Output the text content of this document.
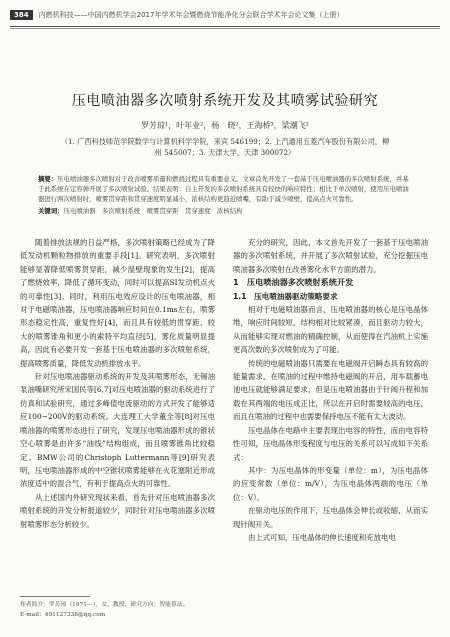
384	内燃机科技——中国内燃机学会2017年学术年会暨燃烧节能净化分会联合学术年会论文集（上册）
压电喷油器多次喷射系统开发及其喷雾试验研究
罗芳琼¹，叶年业²，杨　晓²，王海桥³，梁潮飞²
（1. 广西科技师范学院数学与计算机科学学院，来宾 546199；2. 上汽通用五菱汽车股份有限公司，柳州 545007；3. 天津大学，天津 300072）
摘要：压电喷油器多次喷射对于改善喷雾质量和燃烧过程具有重要意义。文章首先开发了一套基于压电喷油器的多次喷射系统，并基于此系统在定容弹开展了多次喷射试验。结果表明：自主开发的多次喷射系统具有较快的响应特性；相比于单次喷射，使用压电喷油器进行两次喷射时，喷雾贯穿距和贯穿速度明显减小，浓核结构更趋近喷嘴，有助于减少喷壁，提高点火可靠性。
关键词：压电喷油器　多次喷射系统　喷雾贯穿距　贯穿速度　浓核结构

随着排放法规的日益严格，多次喷射策略已经成为了降低发动机颗粒物排放的重要手段[1]。研究表明，多次喷射能够显著降低喷雾贯穿距，减少湿壁现象的发生[2]，提高了燃烧效率，降低了循环变动，同时可以提高SI发动机点火的可靠性[3]。同时，利用压电效应设计的压电喷油器，相对于电磁喷油器，压电喷油器响应时间在0.1ms左右，喷雾形态稳定性高，重复性好[4]，而且具有较低的贯穿距、较大的喷雾锥角和更小的索特平均直径[5]，雾化质量明显提高，因此有必要开发一套基于压电喷油器的多次喷射系统，提高喷雾质量，降低发动机排放水平。

针对压电喷油器驱动系统的开发及其喷雾形态，无锡油泵油嘴研究所宋国民等[6,7]对压电喷油器的驱动系统进行了仿真和试验研究，通过多峰值电流驱动的方式开发了能够适应100~200V的驱动系统。大连理工大学董全等[8]对压电喷油器的喷雾形态进行了研究，发现压电喷油器形成的锥状空心喷雾是由许多“油线”结构组成，而且喷雾锥角比较稳定。BMW公司的Christoph Luttermann等[9]研究表明，压电喷油器形成的中空锥状喷雾能够在火花塞附近形成浓度适中的混合气，有利于提高点火的可靠性。

从上述国内外研究现状来看，首先针对压电喷油器多次喷射系统的开发分析报道较少，同时针对压电喷油器多次喷射喷雾形态分析较少。

充分的研究，因此，本文首先开发了一套基于压电喷油器的多次喷射系统，并开展了多次喷射试验，充分挖掘压电喷油器多次喷射在改善雾化水平方面的潜力。

1　压电喷油器多次喷射系统开发

1.1　压电喷油器驱动策略要求

相对于电磁喷油器而言，压电喷油器的核心是压电晶体堆，响应时间较短，结构相对比较紧凑，而且驱动力较大，从而能够实现对燃油的精确控制，从而使得在汽油机上实施更高次数的多次喷射成为了可能。

传统的电磁喷油器只需要在电磁阀开启瞬态具有较高的能量需求，在喷油的过程中维持电磁阀的开启，用车载蓄电池电压就能够满足要求，但是压电喷油器由于针阀升程和加载在其两端的电压成正比，所以在开启时需要较高的电压，而且在喷油的过程中也需要保持电压不能有太大波动。

压电晶体在电路中主要表现出电容的特性，而由电容特性可知，压电晶体形变程度与电压的关系可以写成如下关系式：

其中：为压电晶体的形变量（单位：m），为压电晶体的应变常数（单位：m/V），为压电晶体两端的电压（单位：V）。

在驱动电压的作用下，压电晶体会伸长或收缩，从而实现针阀开关。

由上式可知，压电晶体的伸长速度和充放电电

作者简介：罗芳琼（1971—），女，教授，研究方向：智能算法。
E-mail：491127338@qq.com
